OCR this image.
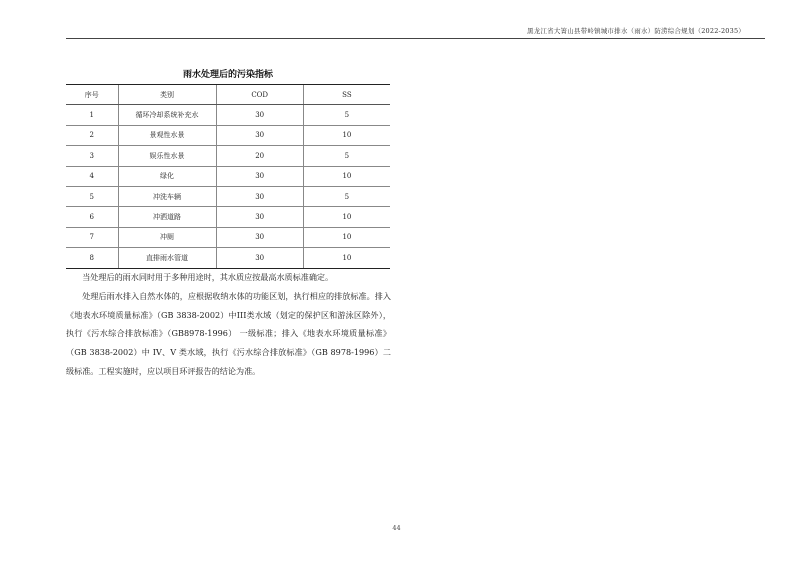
黑龙江省大箐山县带岭镇城市排水（雨水）防涝综合规划（2022-2035）
雨水处理后的污染指标
序号	类别	COD	SS
1	循环冷却系统补充水	30	5
2	景观性水景	30	10
3	娱乐性水景	20	5
4	绿化	30	10
5	冲洗车辆	30	5
6	冲洒道路	30	10
7	冲厕	30	10
8	直排雨水管道	30	10

当处理后的雨水同时用于多种用途时，其水质应按最高水质标准确定。

处理后雨水排入自然水体的，应根据收纳水体的功能区划，执行相应的排放标准。排入《地表水环境质量标准》（GB 3838-2002）中III类水域（划定的保护区和游泳区除外），执行《污水综合排放标准》（GB8978-1996） 一级标准；排入《地表水环境质量标准》（GB 3838-2002）中 IV、V 类水域，执行《污水综合排放标准》（GB 8978-1996）二级标准。工程实施时，应以项目环评报告的结论为准。

44
